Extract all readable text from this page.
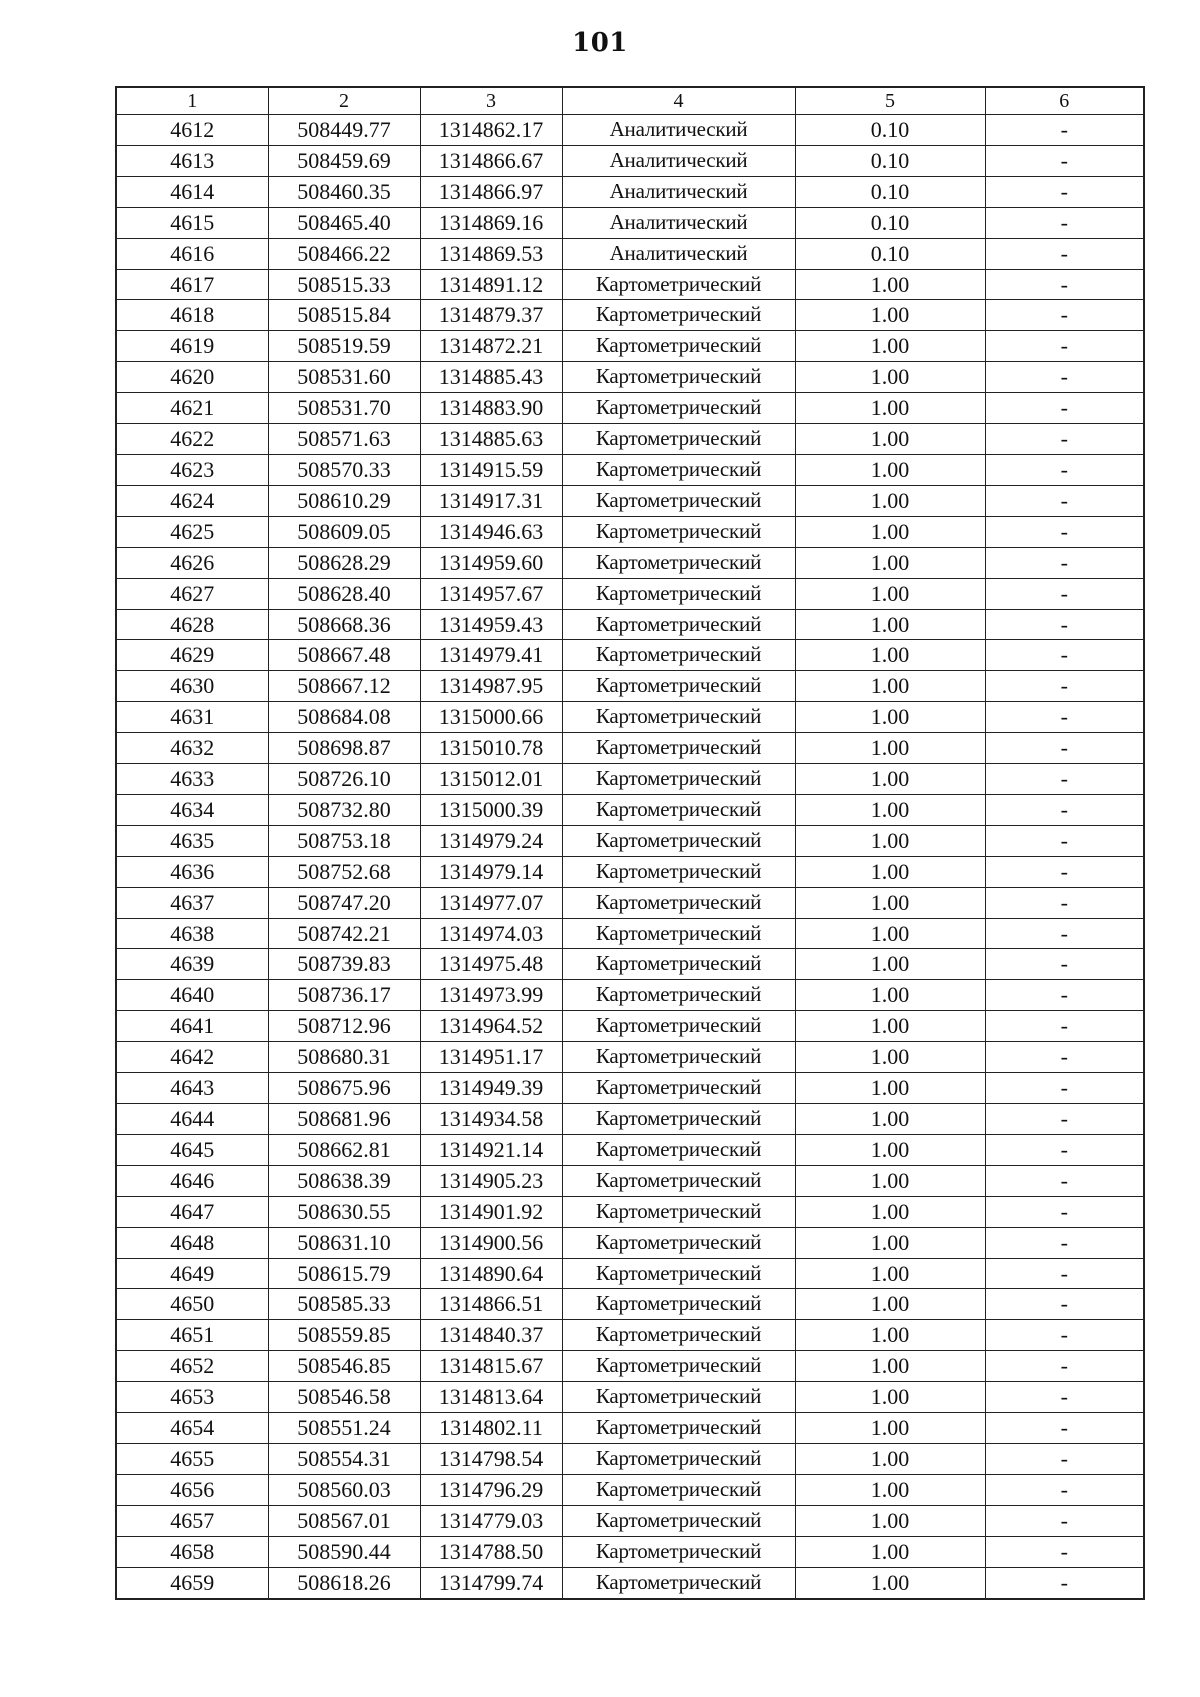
101
1	2	3	4	5	6
4612	508449.77	1314862.17	Аналитический	0.10	-
4613	508459.69	1314866.67	Аналитический	0.10	-
4614	508460.35	1314866.97	Аналитический	0.10	-
4615	508465.40	1314869.16	Аналитический	0.10	-
4616	508466.22	1314869.53	Аналитический	0.10	-
4617	508515.33	1314891.12	Картометрический	1.00	-
4618	508515.84	1314879.37	Картометрический	1.00	-
4619	508519.59	1314872.21	Картометрический	1.00	-
4620	508531.60	1314885.43	Картометрический	1.00	-
4621	508531.70	1314883.90	Картометрический	1.00	-
4622	508571.63	1314885.63	Картометрический	1.00	-
4623	508570.33	1314915.59	Картометрический	1.00	-
4624	508610.29	1314917.31	Картометрический	1.00	-
4625	508609.05	1314946.63	Картометрический	1.00	-
4626	508628.29	1314959.60	Картометрический	1.00	-
4627	508628.40	1314957.67	Картометрический	1.00	-
4628	508668.36	1314959.43	Картометрический	1.00	-
4629	508667.48	1314979.41	Картометрический	1.00	-
4630	508667.12	1314987.95	Картометрический	1.00	-
4631	508684.08	1315000.66	Картометрический	1.00	-
4632	508698.87	1315010.78	Картометрический	1.00	-
4633	508726.10	1315012.01	Картометрический	1.00	-
4634	508732.80	1315000.39	Картометрический	1.00	-
4635	508753.18	1314979.24	Картометрический	1.00	-
4636	508752.68	1314979.14	Картометрический	1.00	-
4637	508747.20	1314977.07	Картометрический	1.00	-
4638	508742.21	1314974.03	Картометрический	1.00	-
4639	508739.83	1314975.48	Картометрический	1.00	-
4640	508736.17	1314973.99	Картометрический	1.00	-
4641	508712.96	1314964.52	Картометрический	1.00	-
4642	508680.31	1314951.17	Картометрический	1.00	-
4643	508675.96	1314949.39	Картометрический	1.00	-
4644	508681.96	1314934.58	Картометрический	1.00	-
4645	508662.81	1314921.14	Картометрический	1.00	-
4646	508638.39	1314905.23	Картометрический	1.00	-
4647	508630.55	1314901.92	Картометрический	1.00	-
4648	508631.10	1314900.56	Картометрический	1.00	-
4649	508615.79	1314890.64	Картометрический	1.00	-
4650	508585.33	1314866.51	Картометрический	1.00	-
4651	508559.85	1314840.37	Картометрический	1.00	-
4652	508546.85	1314815.67	Картометрический	1.00	-
4653	508546.58	1314813.64	Картометрический	1.00	-
4654	508551.24	1314802.11	Картометрический	1.00	-
4655	508554.31	1314798.54	Картометрический	1.00	-
4656	508560.03	1314796.29	Картометрический	1.00	-
4657	508567.01	1314779.03	Картометрический	1.00	-
4658	508590.44	1314788.50	Картометрический	1.00	-
4659	508618.26	1314799.74	Картометрический	1.00	-
